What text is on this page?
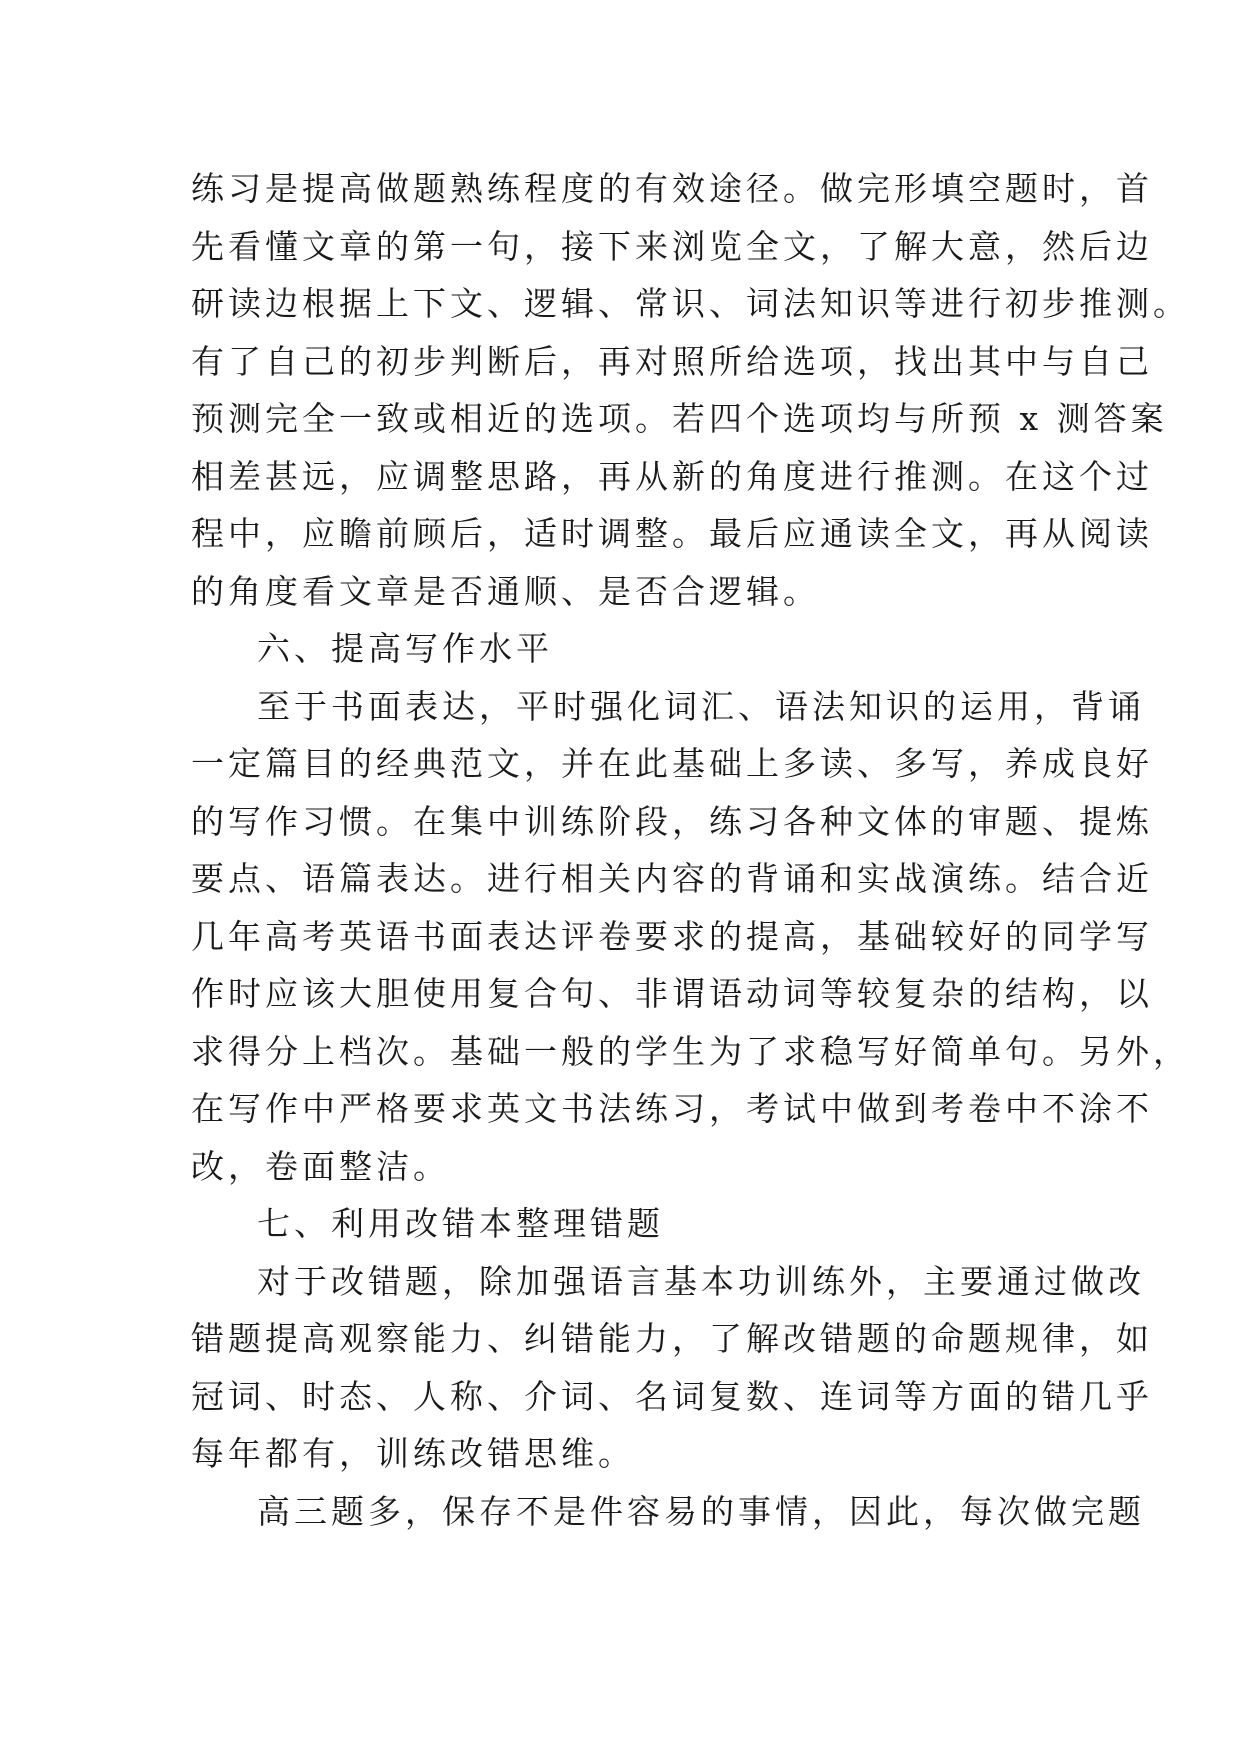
练习是提高做题熟练程度的有效途径。做完形填空题时，首
先看懂文章的第一句，接下来浏览全文，了解大意，然后边
研读边根据上下文、逻辑、常识、词法知识等进行初步推测。
有了自己的初步判断后，再对照所给选项，找出其中与自己
预测完全一致或相近的选项。若四个选项均与所预 x 测答案
相差甚远，应调整思路，再从新的角度进行推测。在这个过
程中，应瞻前顾后，适时调整。最后应通读全文，再从阅读
的角度看文章是否通顺、是否合逻辑。
六、提高写作水平
至于书面表达，平时强化词汇、语法知识的运用，背诵
一定篇目的经典范文，并在此基础上多读、多写，养成良好
的写作习惯。在集中训练阶段，练习各种文体的审题、提炼
要点、语篇表达。进行相关内容的背诵和实战演练。结合近
几年高考英语书面表达评卷要求的提高，基础较好的同学写
作时应该大胆使用复合句、非谓语动词等较复杂的结构，以
求得分上档次。基础一般的学生为了求稳写好简单句。另外，
在写作中严格要求英文书法练习，考试中做到考卷中不涂不
改，卷面整洁。
七、利用改错本整理错题
对于改错题，除加强语言基本功训练外，主要通过做改
错题提高观察能力、纠错能力，了解改错题的命题规律，如
冠词、时态、人称、介词、名词复数、连词等方面的错几乎
每年都有，训练改错思维。
高三题多，保存不是件容易的事情，因此，每次做完题
